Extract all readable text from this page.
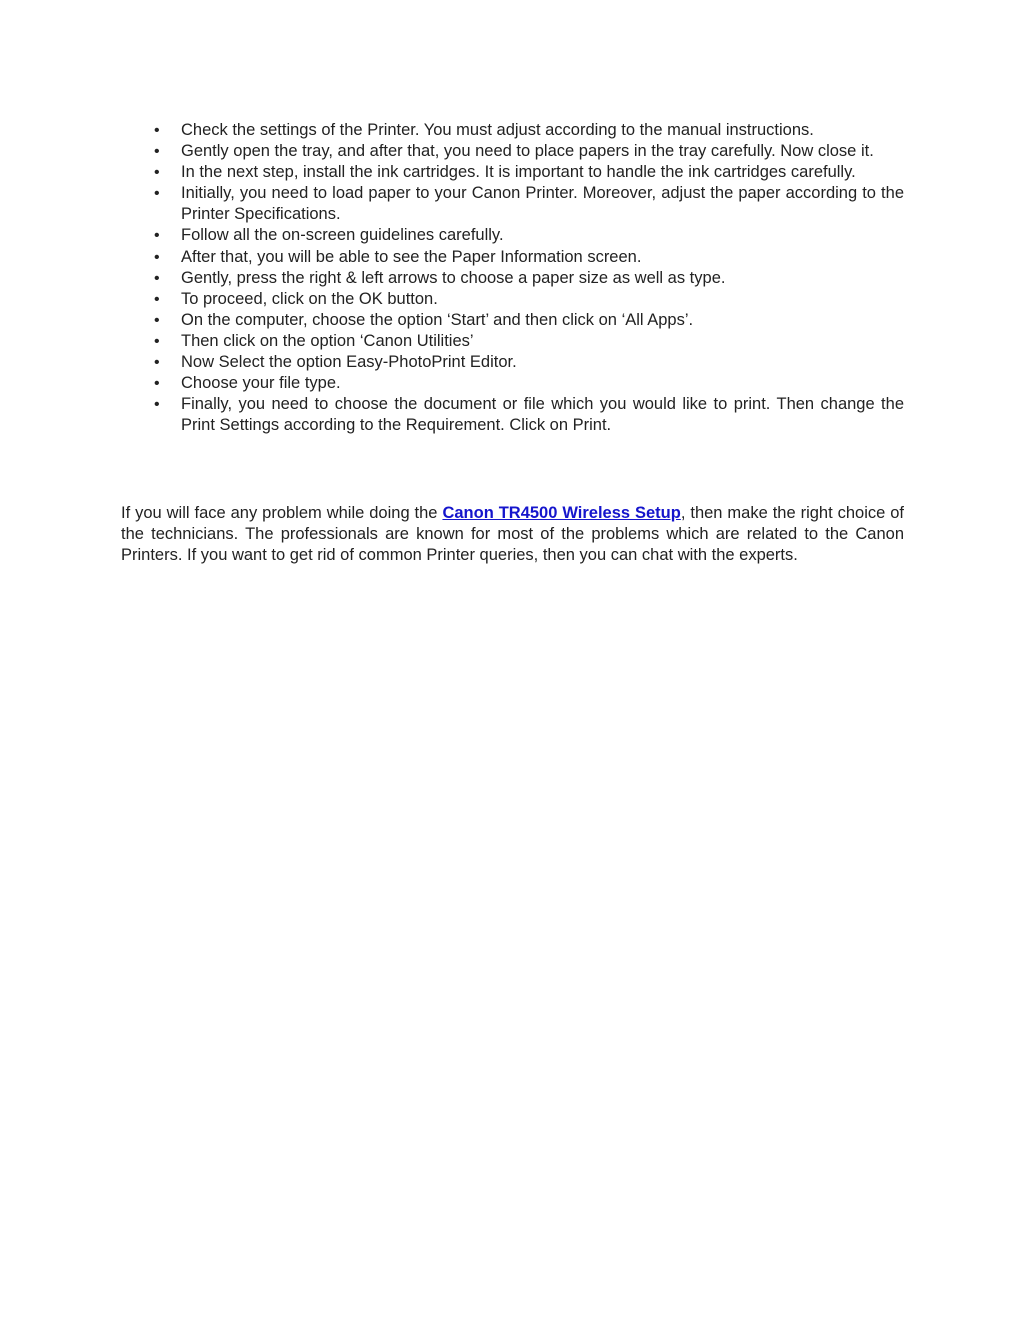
• Check the settings of the Printer. You must adjust according to the manual instructions.
• Gently open the tray, and after that, you need to place papers in the tray carefully. Now close it.
• In the next step, install the ink cartridges. It is important to handle the ink cartridges carefully.
• Initially, you need to load paper to your Canon Printer. Moreover, adjust the paper according to the Printer Specifications.
• Follow all the on-screen guidelines carefully.
• After that, you will be able to see the Paper Information screen.
• Gently, press the right & left arrows to choose a paper size as well as type.
• To proceed, click on the OK button.
• On the computer, choose the option ‘Start’ and then click on ‘All Apps’.
• Then click on the option ‘Canon Utilities’
• Now Select the option Easy-PhotoPrint Editor.
• Choose your file type.
• Finally, you need to choose the document or file which you would like to print. Then change the Print Settings according to the Requirement. Click on Print.

If you will face any problem while doing the Canon TR4500 Wireless Setup, then make the right choice of the technicians. The professionals are known for most of the problems which are related to the Canon Printers. If you want to get rid of common Printer queries, then you can chat with the experts.
